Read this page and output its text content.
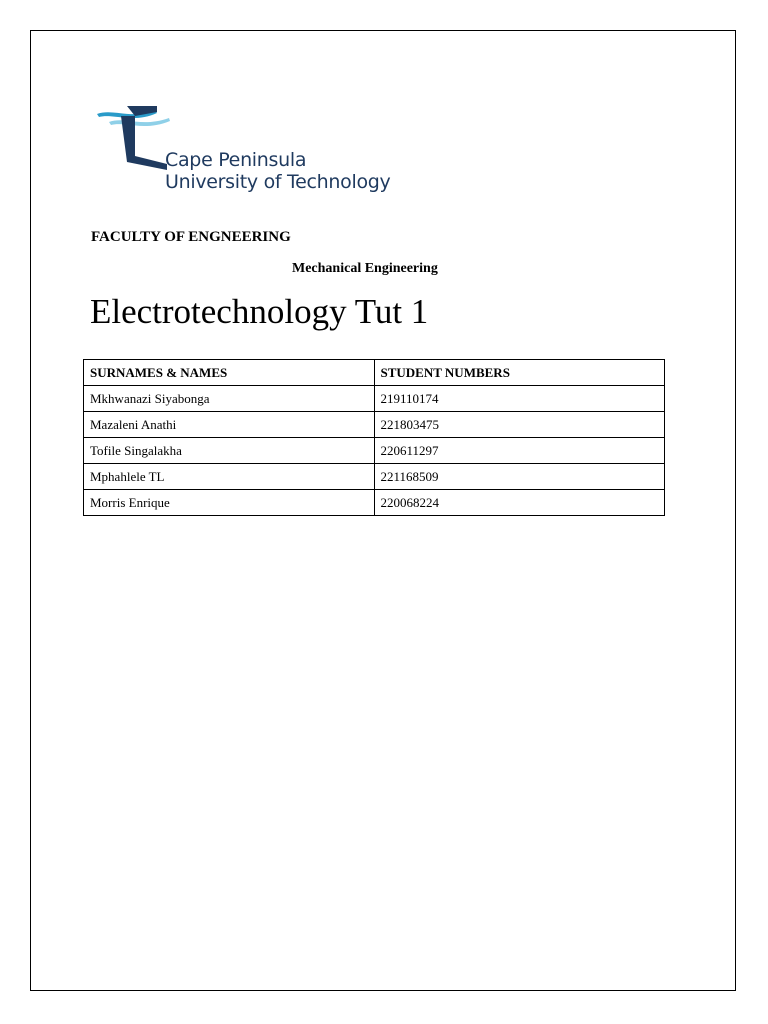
Cape Peninsula
University of Technology
FACULTY OF ENGNEERING
Mechanical Engineering
Electrotechnology Tut 1
SURNAMES & NAMES	STUDENT NUMBERS
Mkhwanazi Siyabonga	219110174
Mazaleni Anathi	221803475
Tofile Singalakha	220611297
Mphahlele TL	221168509
Morris Enrique	220068224
